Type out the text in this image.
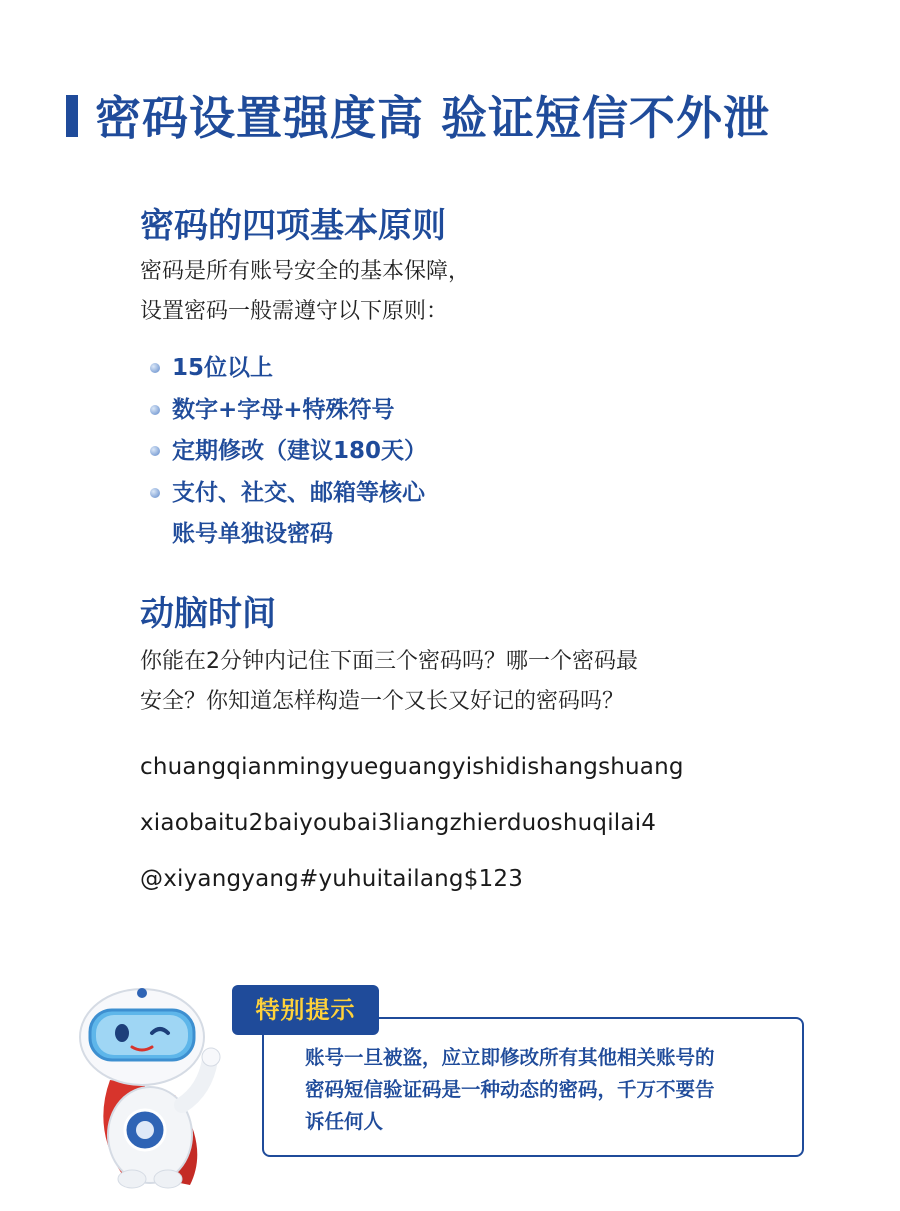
密码设置强度高 验证短信不外泄
密码的四项基本原则
密码是所有账号安全的基本保障，
设置密码一般需遵守以下原则：
15位以上
数字+字母+特殊符号
定期修改（建议180天）
支付、社交、邮箱等核心
账号单独设密码
动脑时间
你能在2分钟内记住下面三个密码吗？哪一个密码最
安全？你知道怎样构造一个又长又好记的密码吗？
chuangqianmingyueguangyishidishangshuang
xiaobaitu2baiyoubai3liangzhierduoshuqilai4
@xiyangyang#yuhuitailang$123
特别提示
账号一旦被盗，应立即修改所有其他相关账号的
密码短信验证码是一种动态的密码，千万不要告
诉任何人
